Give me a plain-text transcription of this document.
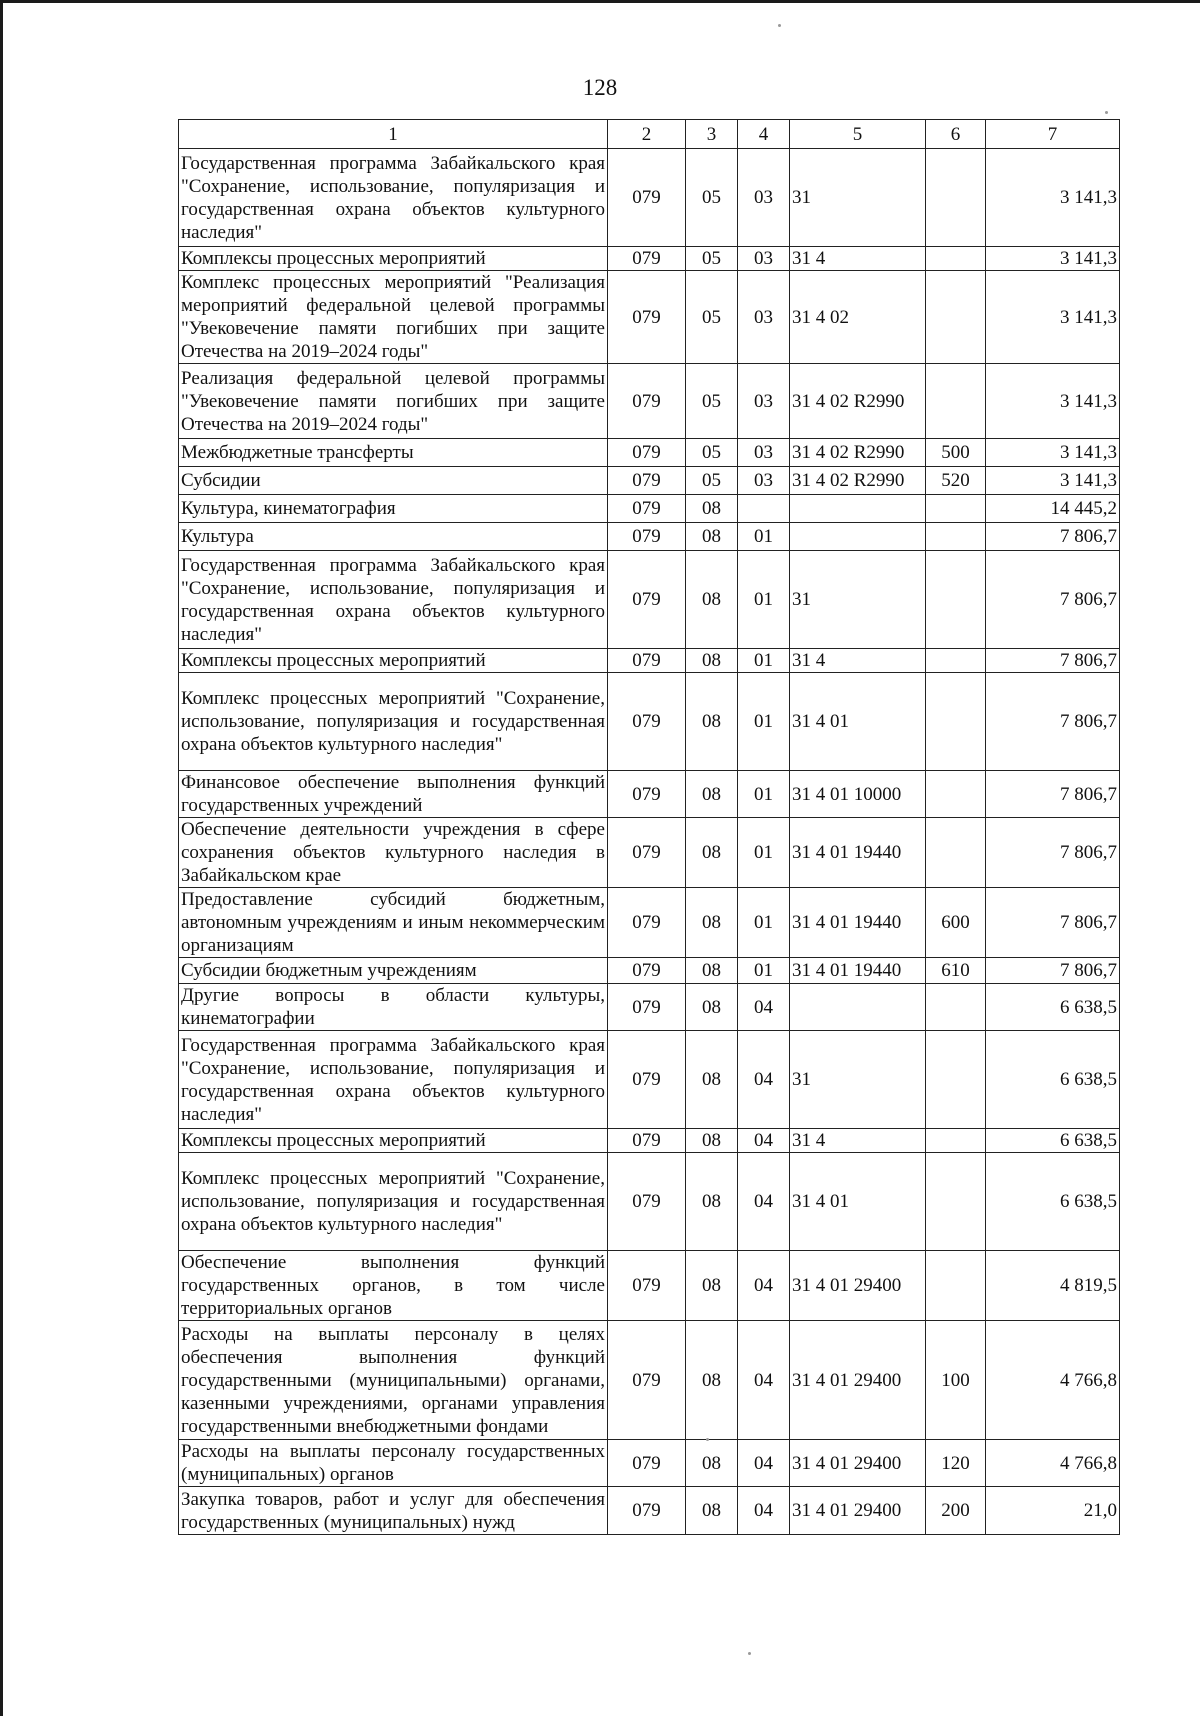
128
1	2	3	4	5	6	7
Государственная программа Забайкальского края "Сохранение, использование, популяризация и государственная охрана объектов культурного наследия"	079	05	03	31		3 141,3
Комплексы процессных мероприятий	079	05	03	31 4		3 141,3
Комплекс процессных мероприятий "Реализация мероприятий федеральной целевой программы "Увековечение памяти погибших при защите Отечества на 2019–2024 годы"	079	05	03	31 4 02		3 141,3
Реализация федеральной целевой программы "Увековечение памяти погибших при защите Отечества на 2019–2024 годы"	079	05	03	31 4 02 R2990		3 141,3
Межбюджетные трансферты	079	05	03	31 4 02 R2990	500	3 141,3
Субсидии	079	05	03	31 4 02 R2990	520	3 141,3
Культура, кинематография	079	08				14 445,2
Культура	079	08	01			7 806,7
Государственная программа Забайкальского края "Сохранение, использование, популяризация и государственная охрана объектов культурного наследия"	079	08	01	31		7 806,7
Комплексы процессных мероприятий	079	08	01	31 4		7 806,7
Комплекс процессных мероприятий "Сохранение, использование, популяризация и государственная охрана объектов культурного наследия"	079	08	01	31 4 01		7 806,7
Финансовое обеспечение выполнения функций государственных учреждений	079	08	01	31 4 01 10000		7 806,7
Обеспечение деятельности учреждения в сфере сохранения объектов культурного наследия в Забайкальском крае	079	08	01	31 4 01 19440		7 806,7
Предоставление субсидий бюджетным, автономным учреждениям и иным некоммерческим организациям	079	08	01	31 4 01 19440	600	7 806,7
Субсидии бюджетным учреждениям	079	08	01	31 4 01 19440	610	7 806,7
Другие вопросы в области культуры, кинематографии	079	08	04			6 638,5
Государственная программа Забайкальского края "Сохранение, использование, популяризация и государственная охрана объектов культурного наследия"	079	08	04	31		6 638,5
Комплексы процессных мероприятий	079	08	04	31 4		6 638,5
Комплекс процессных мероприятий "Сохранение, использование, популяризация и государственная охрана объектов культурного наследия"	079	08	04	31 4 01		6 638,5
Обеспечение выполнения функций государственных органов, в том числе территориальных органов	079	08	04	31 4 01 29400		4 819,5
Расходы на выплаты персоналу в целях обеспечения выполнения функций государственными (муниципальными) органами, казенными учреждениями, органами управления государственными внебюджетными фондами	079	08	04	31 4 01 29400	100	4 766,8
Расходы на выплаты персоналу государственных (муниципальных) органов	079	08	04	31 4 01 29400	120	4 766,8
Закупка товаров, работ и услуг для обеспечения государственных (муниципальных) нужд	079	08	04	31 4 01 29400	200	21,0
